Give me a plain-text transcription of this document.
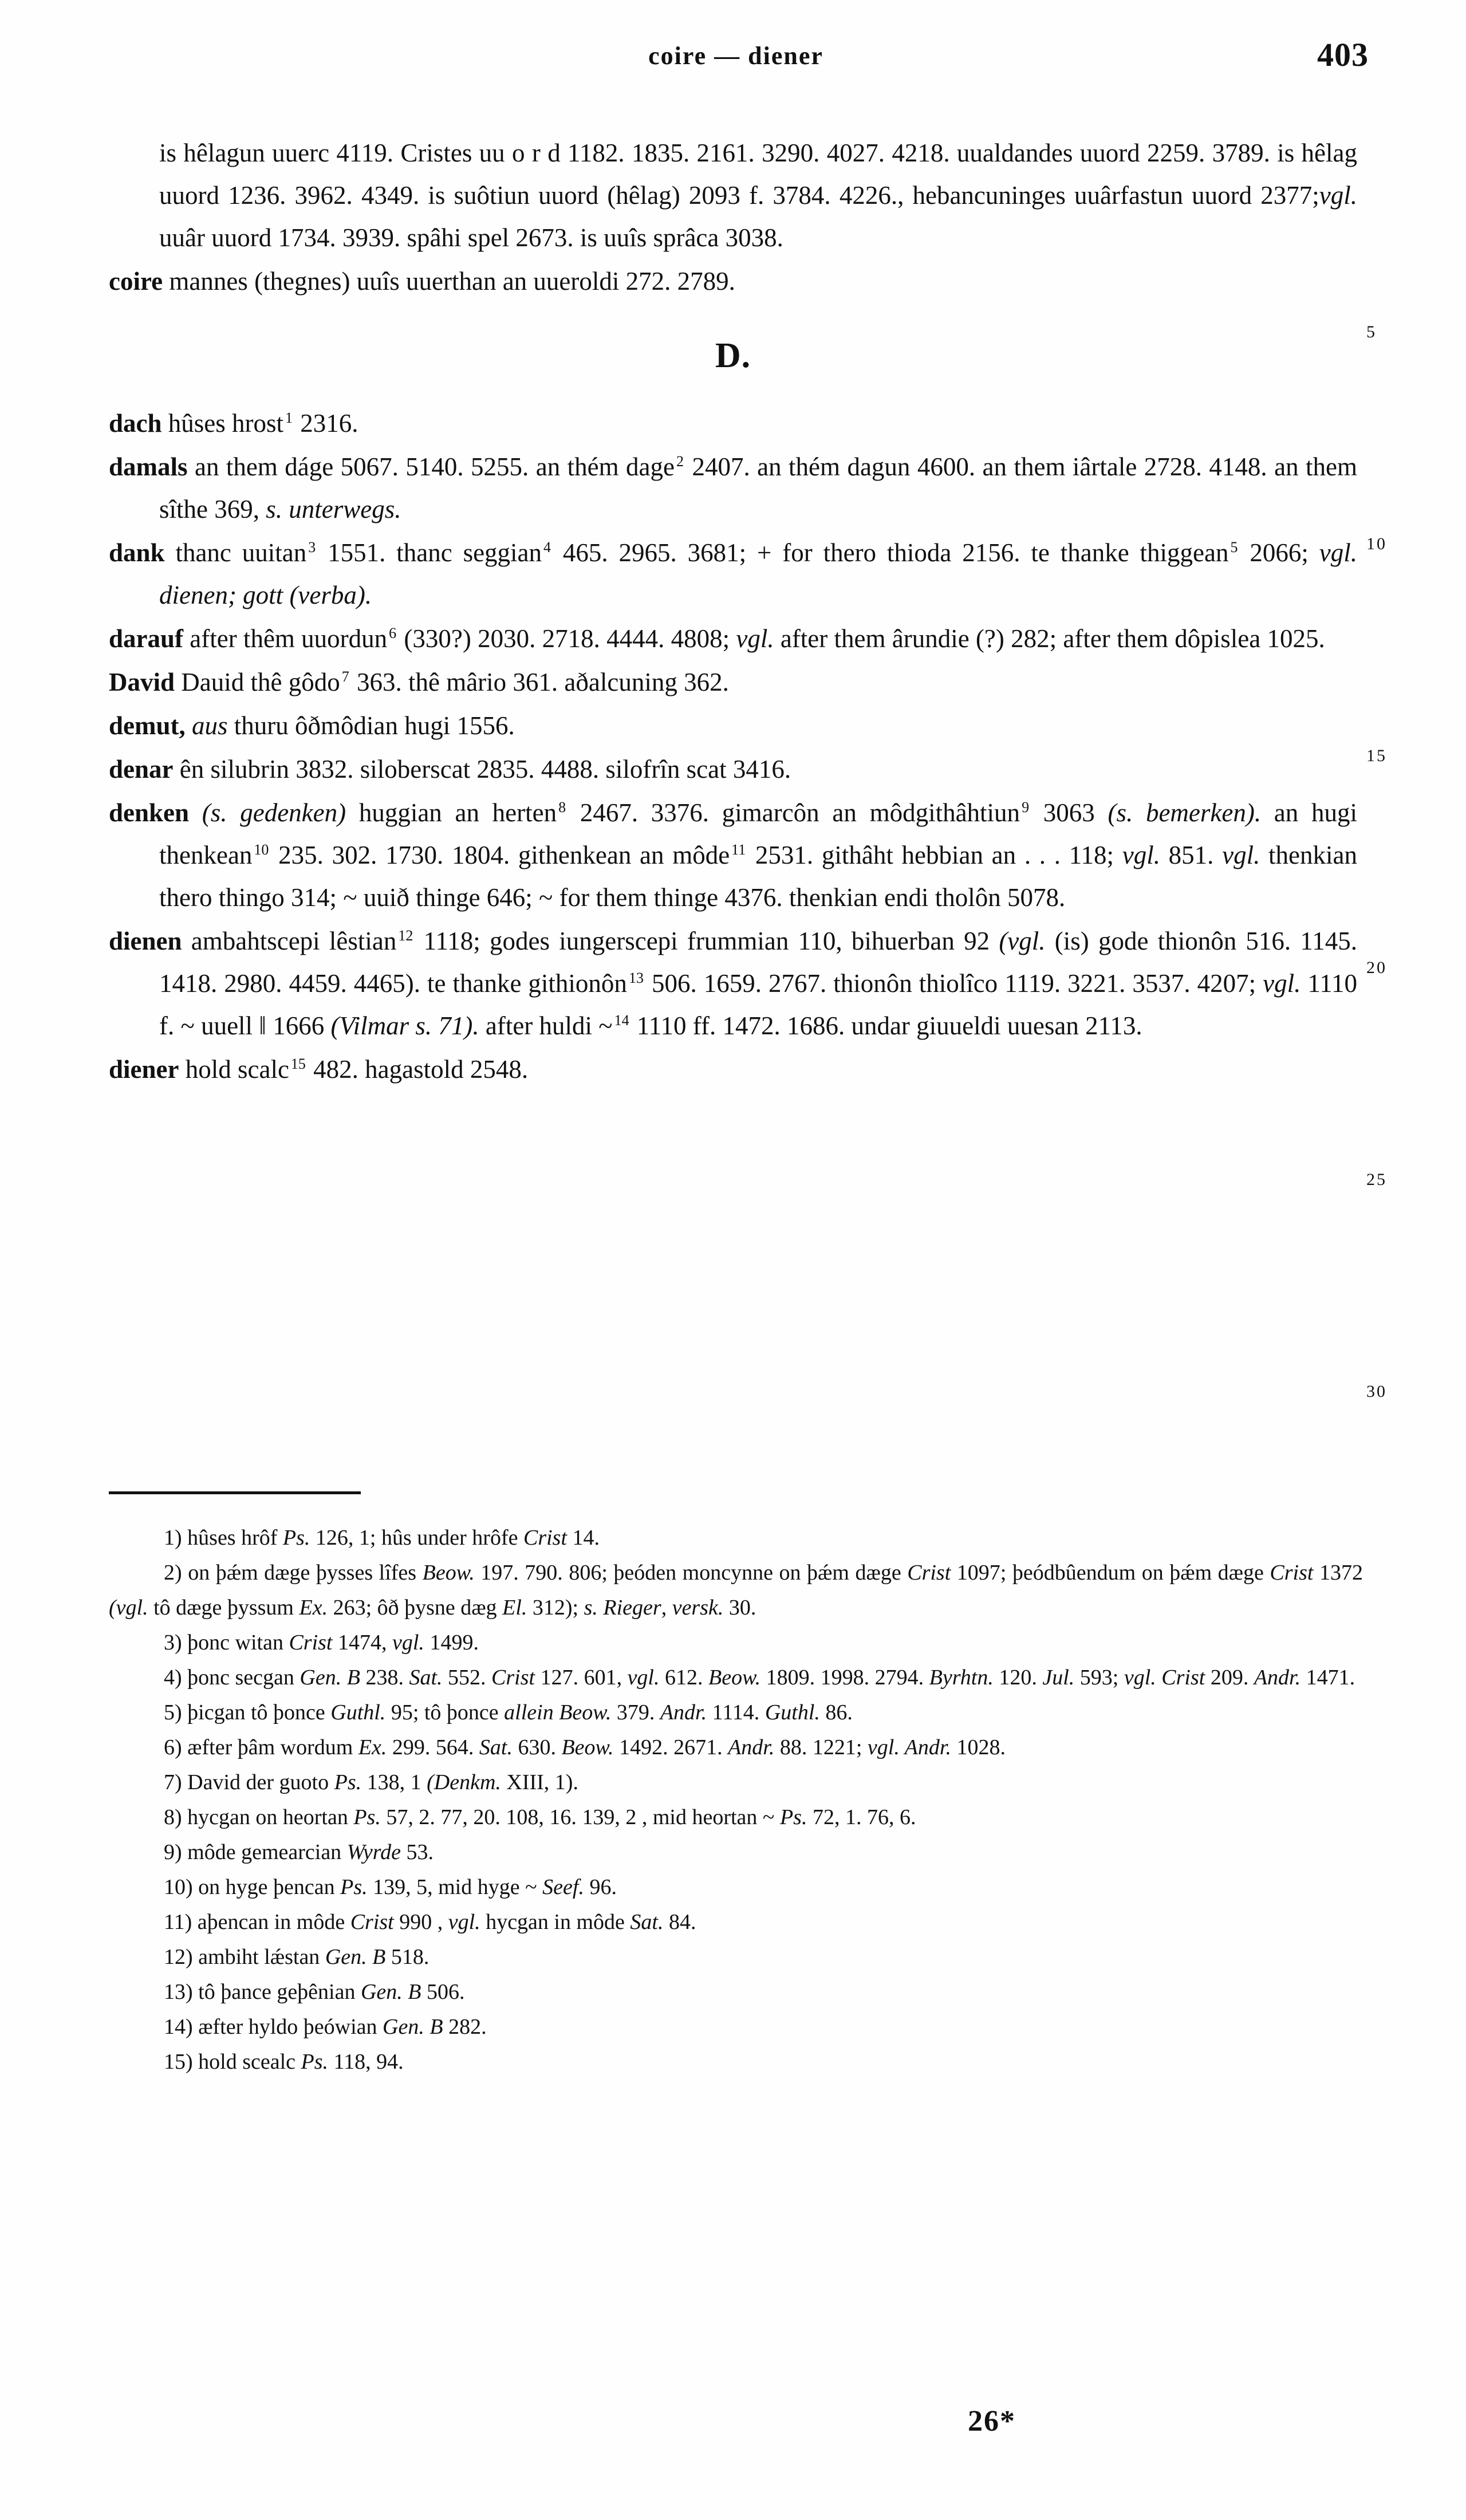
coire — diener	403

is hêlagun uuerc 4119. Cristes uu o r d 1182. 1835. 2161. 3290. 4027. 4218. uualdandes uuord 2259. 3789. is hêlag uuord 1236. 3962. 4349. is suôtiun uuord (hêlag) 2093 f. 3784. 4226., hebancuninges uuârfastun uuord 2377;vgl. uuâr uuord 1734. 3939. spâhi spel 2673. is uuîs sprâca 3038.

coire mannes (thegnes) uuîs uuerthan an uueroldi 272. 2789.

D.

dach hûses hrost $^1$ 2316.

damals an them dáge 5067. 5140. 5255. an thém dage $^2$ 2407. an thém dagun 4600. an them iârtale 2728. 4148. an them sîthe 369, s. unterwegs.

dank thanc uuitan $^3$ 1551. thanc seggian $^4$ 465. 2965. 3681; + for thero thioda 2156. te thanke thiggean $^5$ 2066; vgl. dienen; gott (verba).

darauf after thêm uuordun $^6$ (330?) 2030. 2718. 4444. 4808; vgl. after them ârundie (?) 282; after them dôpislea 1025.

David Dauid thê gôdo $^7$ 363. thê mârio 361. aðalcuning 362.

demut, aus thuru ôðmôdian hugi 1556.

denar ên silubrin 3832. siloberscat 2835. 4488. silofrîn scat 3416.

denken (s. gedenken) huggian an herten $^8$ 2467. 3376. gimarcôn an môdgithâhtiun $^9$ 3063 (s. bemerken). an hugi thenkean $^{10}$ 235. 302. 1730. 1804. githenkean an môde $^{11}$ 2531. githâht hebbian an . . . 118; vgl. 851. vgl. thenkian thero thingo 314; ~ uuið thinge 646; ~ for them thinge 4376. thenkian endi tholôn 5078.

dienen ambahtscepi lêstian $^{12}$ 1118; godes iungerscepi frummian 110, bihuerban 92 (vgl. (is) gode thionôn 516. 1145. 1418. 2980. 4459. 4465). te thanke githionôn $^{13}$ 506. 1659. 2767. thionôn thiolîco 1119. 3221. 3537. 4207; vgl. 1110 f. ~ uuell ‖ 1666 (Vilmar s. 71). after huldi ~ $^{14}$ 1110 ff. 1472. 1686. undar giuueldi uuesan 2113.

diener hold scalc $^{15}$ 482. hagastold 2548.

5
10
15
20
25
30

1) hûses hrôf Ps. 126, 1; hûs under hrôfe Crist 14.

2) on þǽm dæge þysses lîfes Beow. 197. 790. 806; þeóden moncynne on þǽm dæge Crist 1097; þeódbûendum on þǽm dæge Crist 1372 (vgl. tô dæge þyssum Ex. 263; ôð þysne dæg El. 312); s. Rieger, versk. 30.

3) þonc witan Crist 1474, vgl. 1499.

4) þonc secgan Gen. B 238. Sat. 552. Crist 127. 601, vgl. 612. Beow. 1809. 1998. 2794. Byrhtn. 120. Jul. 593; vgl. Crist 209. Andr. 1471.

5) þicgan tô þonce Guthl. 95; tô þonce allein Beow. 379. Andr. 1114. Guthl. 86.

6) æfter þâm wordum Ex. 299. 564. Sat. 630. Beow. 1492. 2671. Andr. 88. 1221; vgl. Andr. 1028.

7) David der guoto Ps. 138, 1 (Denkm. XIII, 1).

8) hycgan on heortan Ps. 57, 2. 77, 20. 108, 16. 139, 2 , mid heortan ~ Ps. 72, 1. 76, 6.

9) môde gemearcian Wyrde 53.

10) on hyge þencan Ps. 139, 5, mid hyge ~ Seef. 96.

11) aþencan in môde Crist 990 , vgl. hycgan in môde Sat. 84.

12) ambiht lǽstan Gen. B 518.

13) tô þance geþênian Gen. B 506.

14) æfter hyldo þeówian Gen. B 282.

15) hold scealc Ps. 118, 94.

26*
